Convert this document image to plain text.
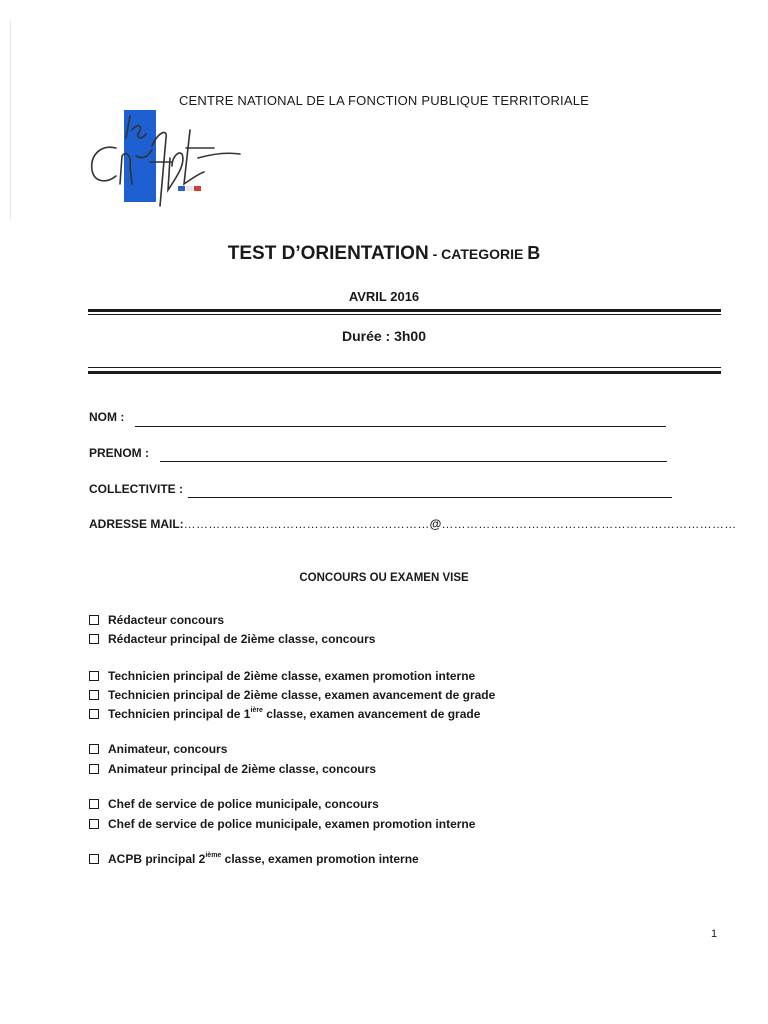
CENTRE NATIONAL DE LA FONCTION PUBLIQUE TERRITORIALE
TEST D’ORIENTATION - CATEGORIE B
AVRIL 2016
Durée : 3h00
NOM :
PRENOM :
COLLECTIVITE :
ADRESSE MAIL:……………………………………………………@………………………………………………………………
CONCOURS OU EXAMEN VISE
Rédacteur concours
Rédacteur principal de 2ième classe, concours
Technicien principal de 2ième classe, examen promotion interne
Technicien principal de 2ième classe, examen avancement de grade
Technicien principal de $1^{ière}$ classe, examen avancement de grade
Animateur, concours
Animateur principal de 2ième classe, concours
Chef de service de police municipale, concours
Chef de service de police municipale, examen promotion interne
ACPB principal 2ième classe, examen promotion interne
1
